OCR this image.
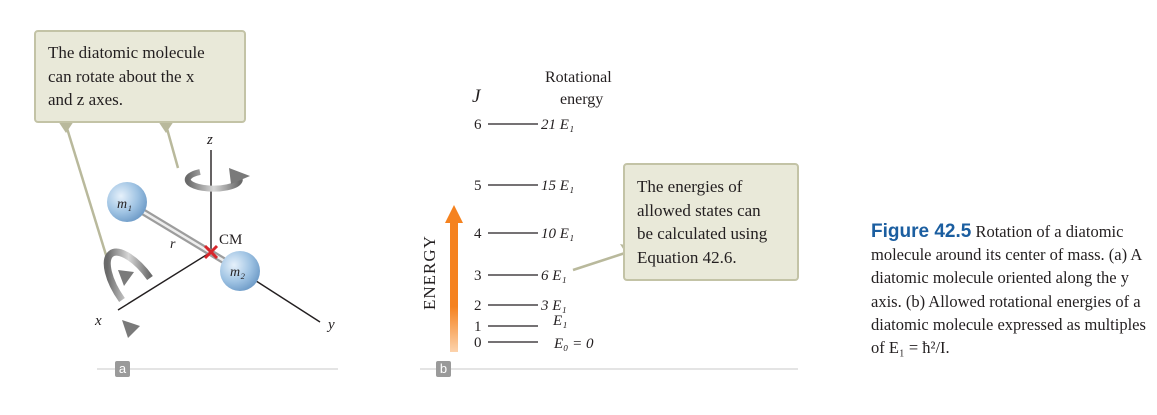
z
x	y
m₁
m₂
r	CM
The diatomic molecule
can rotate about the x
and z axes.
a
ENERGY
J
Rotational
energy
6	21 E₁
5	15 E₁
4	10 E₁
3	6 E₁
2	3 E₁
1	E₁
0	E₀ = 0
The energies of
allowed states can
be calculated using
Equation 42.6.
b
Figure 42.5 Rotation of a diatomic molecule around its center of mass. (a) A diatomic molecule oriented along the y axis. (b) Allowed rotational energies of a diatomic molecule expressed as multiples of E₁ = ħ²/I.
